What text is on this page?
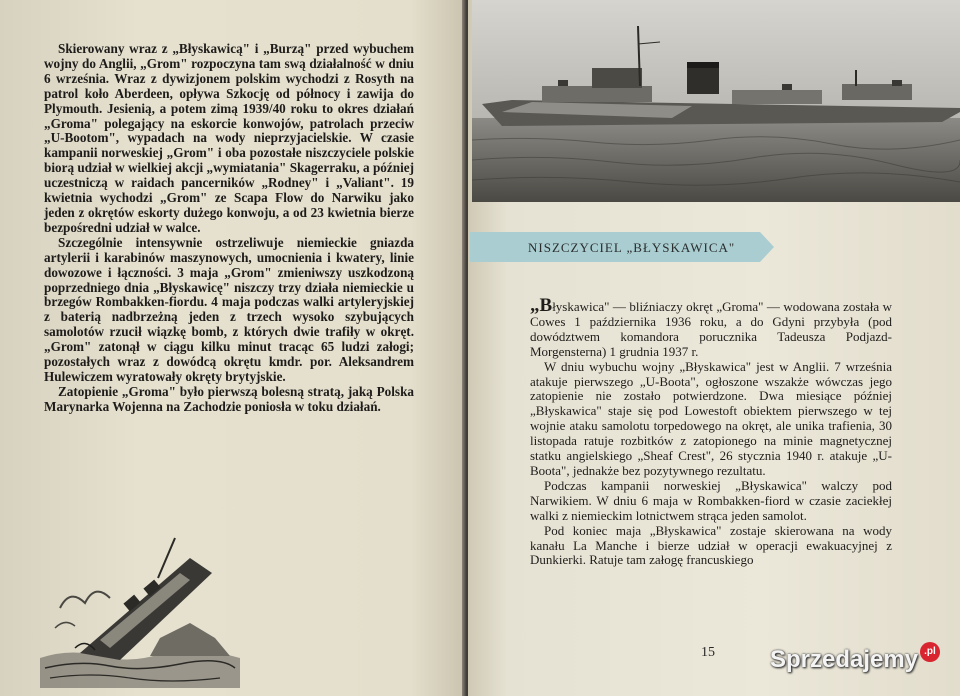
Skierowany wraz z „Błyskawicą" i „Burzą" przed wybuchem wojny do Anglii, „Grom" rozpoczyna tam swą działalność w dniu 6 września. Wraz z dywizjonem polskim wychodzi z Rosyth na patrol koło Aberdeen, opływa Szkocję od północy i zawija do Plymouth. Jesienią, a potem zimą 1939/40 roku to okres działań „Groma" polegający na eskorcie konwojów, patrolach przeciw „U-Bootom", wypadach na wody nieprzyjacielskie. W czasie kampanii norweskiej „Grom" i oba pozostałe niszczyciele polskie biorą udział w wielkiej akcji „wymiatania" Skagerraku, a później uczestniczą w raidach pancerników „Rodney" i „Valiant". 19 kwietnia wychodzi „Grom" ze Scapa Flow do Narwiku jako jeden z okrętów eskorty dużego konwoju, a od 23 kwietnia bierze bezpośredni udział w walce.

Szczególnie intensywnie ostrzeliwuje niemieckie gniazda artylerii i karabinów maszynowych, umocnienia i kwatery, linie dowozowe i łączności. 3 maja „Grom" zmieniwszy uszkodzoną poprzedniego dnia „Błyskawicę" niszczy trzy działa niemieckie u brzegów Rombakken-fiordu. 4 maja podczas walki artyleryjskiej z baterią nadbrzeżną jeden z trzech wysoko szybujących samolotów rzucił wiązkę bomb, z których dwie trafiły w okręt. „Grom" zatonął w ciągu kilku minut tracąc 65 ludzi załogi; pozostałych wraz z dowódcą okrętu kmdr. por. Aleksandrem Hulewiczem wyratowały okręty brytyjskie.

Zatopienie „Groma" było pierwszą bolesną stratą, jaką Polska Marynarka Wojenna na Zachodzie poniosła w toku działań.

NISZCZYCIEL „BŁYSKAWICA"

„Błyskawica" — bliźniaczy okręt „Groma" — wodowana została w Cowes 1 października 1936 roku, a do Gdyni przybyła (pod dowództwem komandora porucznika Tadeusza Podjazd-Morgensterna) 1 grudnia 1937 r.

W dniu wybuchu wojny „Błyskawica" jest w Anglii. 7 września atakuje pierwszego „U-Boota", ogłoszone wszakże wówczas jego zatopienie nie zostało potwierdzone. Dwa miesiące później „Błyskawica" staje się pod Lowestoft obiektem pierwszego w tej wojnie ataku samolotu torpedowego na okręt, ale unika trafienia, 30 listopada ratuje rozbitków z zatopionego na minie magnetycznej statku angielskiego „Sheaf Crest", 26 stycznia 1940 r. atakuje „U-Boota", jednakże bez pozytywnego rezultatu.

Podczas kampanii norweskiej „Błyskawica" walczy pod Narwikiem. W dniu 6 maja w Rombakken-fiord w czasie zaciekłej walki z niemieckim lotnictwem strąca jeden samolot.

Pod koniec maja „Błyskawica" zostaje skierowana na wody kanału La Manche i bierze udział w operacji ewakuacyjnej z Dunkierki. Ratuje tam załogę francuskiego

15 Sprzedajemy .pl
